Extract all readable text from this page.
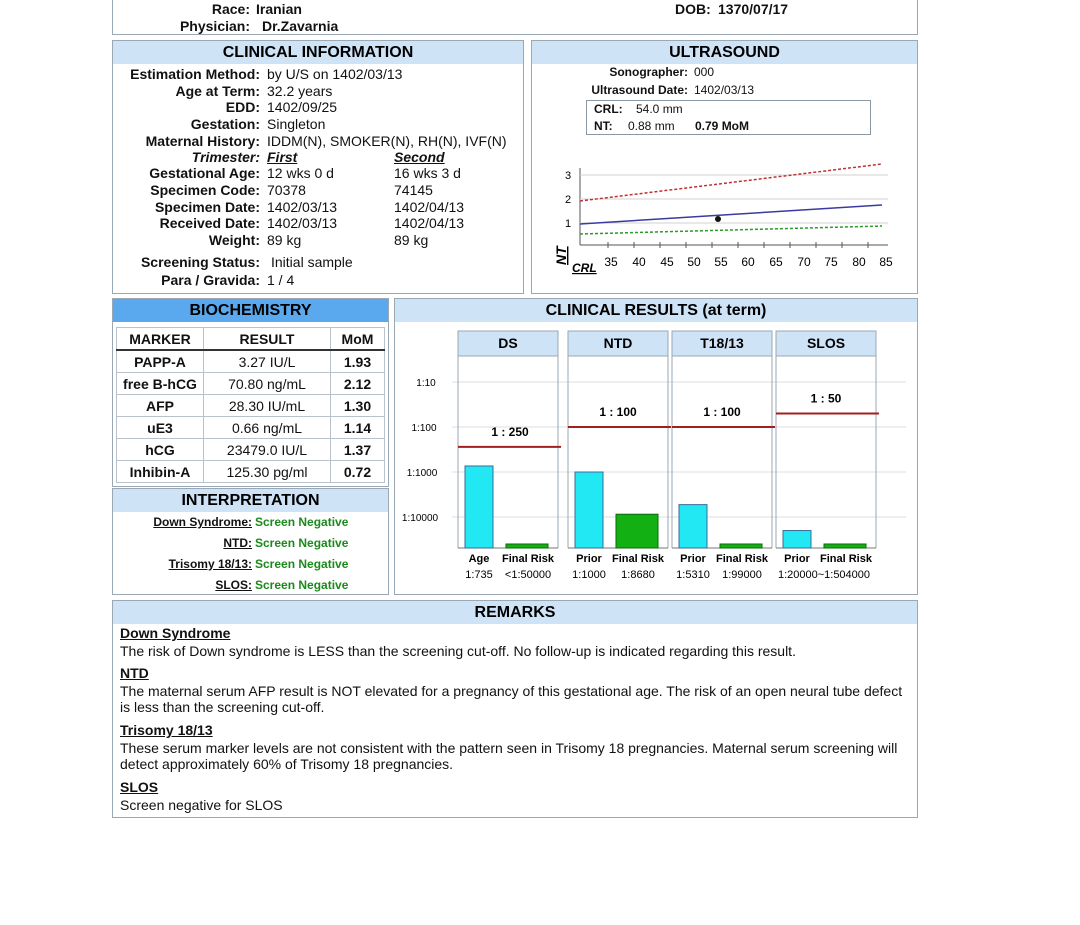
Race: Iranian
Physician: Dr.Zavarnia
DOB: 1370/07/17
CLINICAL INFORMATION
Estimation Method: by U/S on 1402/03/13
Age at Term: 32.2 years
EDD: 1402/09/25
Gestation: Singleton
Maternal History: IDDM(N), SMOKER(N), RH(N), IVF(N)
Trimester: First	Second
Gestational Age: 12 wks 0 d	16 wks 3 d
Specimen Code: 70378	74145
Specimen Date: 1402/03/13	1402/04/13
Received Date: 1402/03/13	1402/04/13
Weight: 89 kg	89 kg
Screening Status: Initial sample
Para / Gravida: 1 / 4
ULTRASOUND
Sonographer: 000
Ultrasound Date: 1402/03/13
CRL: 54.0 mm
NT: 0.88 mm 0.79 MoM
1
2
3
35 40 45 50 55 60 65 70 75 80 85
NT
CRL
BIOCHEMISTRY
MARKER	RESULT	MoM
PAPP-A	3.27 IU/L	1.93
free B-hCG	70.80 ng/mL	2.12
AFP	28.30 IU/mL	1.30
uE3	0.66 ng/mL	1.14
hCG	23479.0 IU/L	1.37
Inhibin-A	125.30 pg/ml	0.72
INTERPRETATION
Down Syndrome: Screen Negative
NTD: Screen Negative
Trisomy 18/13: Screen Negative
SLOS: Screen Negative
CLINICAL RESULTS (at term)
1:10
1:100
1:1000
1:10000
DS
1 : 250
Age Final Risk
1:735 <1:50000
NTD
1 : 100
Prior Final Risk
1:1000 1:8680
T18/13
1 : 100
Prior Final Risk
1:5310 1:99000
SLOS
1 : 50
Prior Final Risk
1:20000~1:504000
REMARKS
Down Syndrome
The risk of Down syndrome is LESS than the screening cut-off. No follow-up is indicated regarding this result.
NTD
The maternal serum AFP result is NOT elevated for a pregnancy of this gestational age. The risk of an open neural tube defect is less than the screening cut-off.
Trisomy 18/13
These serum marker levels are not consistent with the pattern seen in Trisomy 18 pregnancies. Maternal serum screening will detect approximately 60% of Trisomy 18 pregnancies.
SLOS
Screen negative for SLOS
